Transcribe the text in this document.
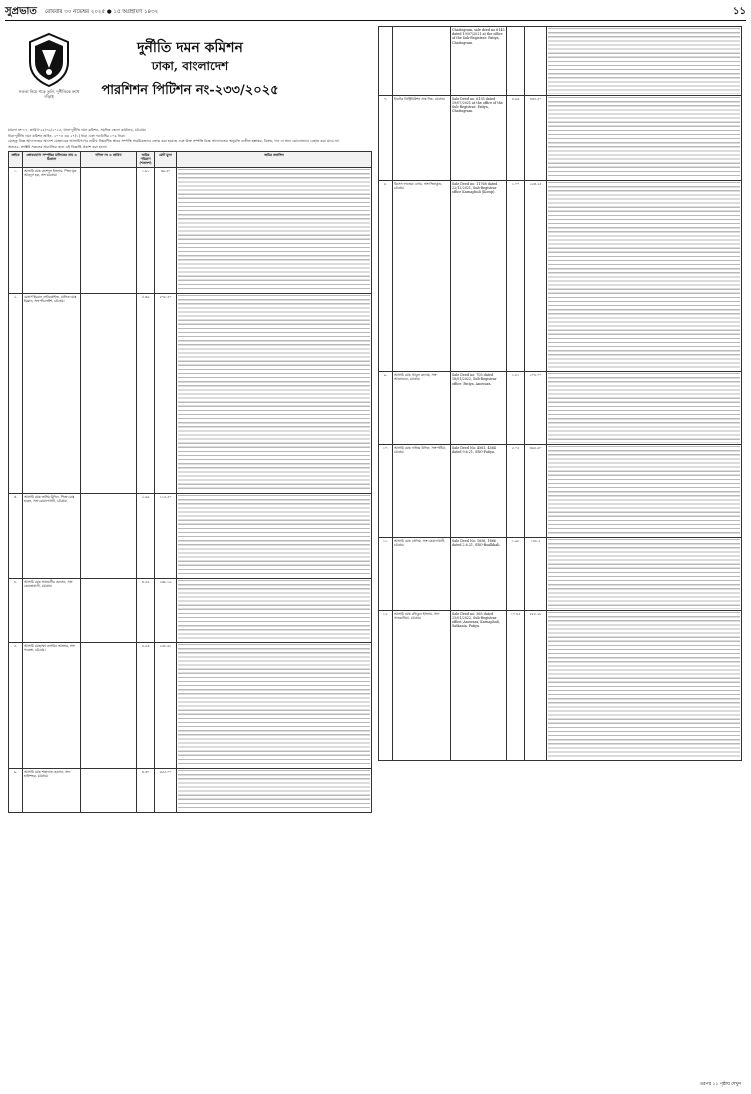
সুপ্রভাত রোববার ৩০ নভেম্বর ২০২৫ ● ১৫ অগ্রহায়ণ ১৪৩২	১১
সততা নিয়ে গড়ে তুলি, দুর্নীতিকে রুখে দাঁড়াই
দুর্নীতি দমন কমিশন
ঢাকা, বাংলাদেশ
পারশিশন পিটিশন নং-২৩৩/২০২৫

মামলা নং-১৭, তারিখ-২৫/০৯/২০২৫, থানা-দুর্নীতি দমন কমিশন, সমন্বিত জেলা কার্যালয়, চট্টগ্রাম।

ধারা-দুর্নীতি দমন কমিশন আইন, ২০০৪ এর ২৭(১) ধারা এবং দণ্ডবিধির ১০৯ ধারা।

যেহেতু বিজ্ঞ আদালতের আদেশ মোতাবেক আসামিগণের নামীয় নিম্নবর্ণিত স্থাবর সম্পত্তি সাময়িকভাবে ক্রোক করা হয়েছে এবং উক্ত সম্পত্তি বিজ্ঞ আদালতের অনুমতি ব্যতীত হস্তান্তর, বিক্রয়, দান বা অন্য কোনোভাবে বেহাত করা যাবে না।

অতএব, সংশ্লিষ্ট সকলের অবগতির জন্য এই বিজ্ঞপ্তি প্রকাশ করা হলো।

ক্রমিক	ক্রোকযোগ্য সম্পত্তির মালিকের নাম ও ঠিকানা	দলিল নং ও তারিখ	জমির পরিমাণ (শতাংশ)	মোট মূল্য	জমির তফসিল
১.	আসামি মোঃ রাশেদুল ইসলাম, পিতা-মৃত আবদুল হক, সাং-চট্টগ্রাম।		১.৬১	৩৯.৫০	

২.	মেসার্স ইমরান এন্টারপ্রাইজ, মালিক-মোঃ ইমরান, সাং-পাঁচলাইশ, চট্টগ্রাম।		৫.৩৬	৫৭৮.৫০	

৩.	আসামি মোঃ জসিম উদ্দিন, পিতা-মোঃ হারুন, সাং-বোয়ালখালী, চট্টগ্রাম।		২.৬৬	১১৫.৫০	

৪.	আসামি মোঃ আলমগীর হোসেন, সাং-কোতোয়ালী, চট্টগ্রাম।		৩.৫৬	২৩৮.১৯	

৫.	আসামি মোছাম্মৎ নাসরিন আক্তার, সাং-পতেঙ্গা, চট্টগ্রাম।		৪.৫৩	২৫৮.৬১	

৬.	আসামি মোঃ শাহাদাত হোসেন, সাং-হালিশহর, চট্টগ্রাম।		৩.৩০	৩৫৫.০০	
		Chattogram, sale deed no 6145 dated 19/07/2021 at the office of the Sub-Registrar: Patiya, Chattogram.			

৭.	ইনটেক ডিস্ট্রিবিউশন প্রাঃ লিঃ, চট্টগ্রাম।	Sale Deed no: 6135 dated 19/07/2021 at the office of the Sub-Registrar: Patiya, Chattogram.	৪.৬৬	৪৩৫.৫০	

৮.	মিসেস ফাতেমা বেগম, সাং-সিতাকুণ্ড, চট্টগ্রাম।	Sale Deed no: 11768 dated 22/12/2021, Sub-Registrar office Karnaphuli (Korop).	১.০০	২৫৩.২৫	

৯.	আসামি মোঃ আবুল কালাম, সাং-আনোয়ারা, চট্টগ্রাম।	Sale Deed no: 705 dated 18/01/2022, Sub-Registrar office: Patiya, Anowara.	১.৮১	২০৪.০০	

১০.	আসামি মোঃ নাজিম উদ্দিন, সাং-পটিয়া, চট্টগ্রাম।	Sale Deed No: 4561, 4564 dated 9.6.21, SRO-Patiya.	৫.০৫	৩৬৪.৬০	

১১.	আসামি মোঃ সেলিম, সাং-বোয়ালখালী, চট্টগ্রাম।	Sale Deed No: 1656, 1666 dated 2.6.21, SRO-Boalkhali.	১.৯৮	১৪৮.২	

১২.	আসামি মোঃ রফিকুল ইসলাম, সাং-সাতকানিয়া, চট্টগ্রাম।	Sale Deed no: 365 dated 25/01/2022, Sub-Registrar office: Anowara, Karnaphuli, Satkania, Patiya.	১০.৪৫	৮৮৮.২৮	
এরপর ১১ পৃষ্ঠায় দেখুন
